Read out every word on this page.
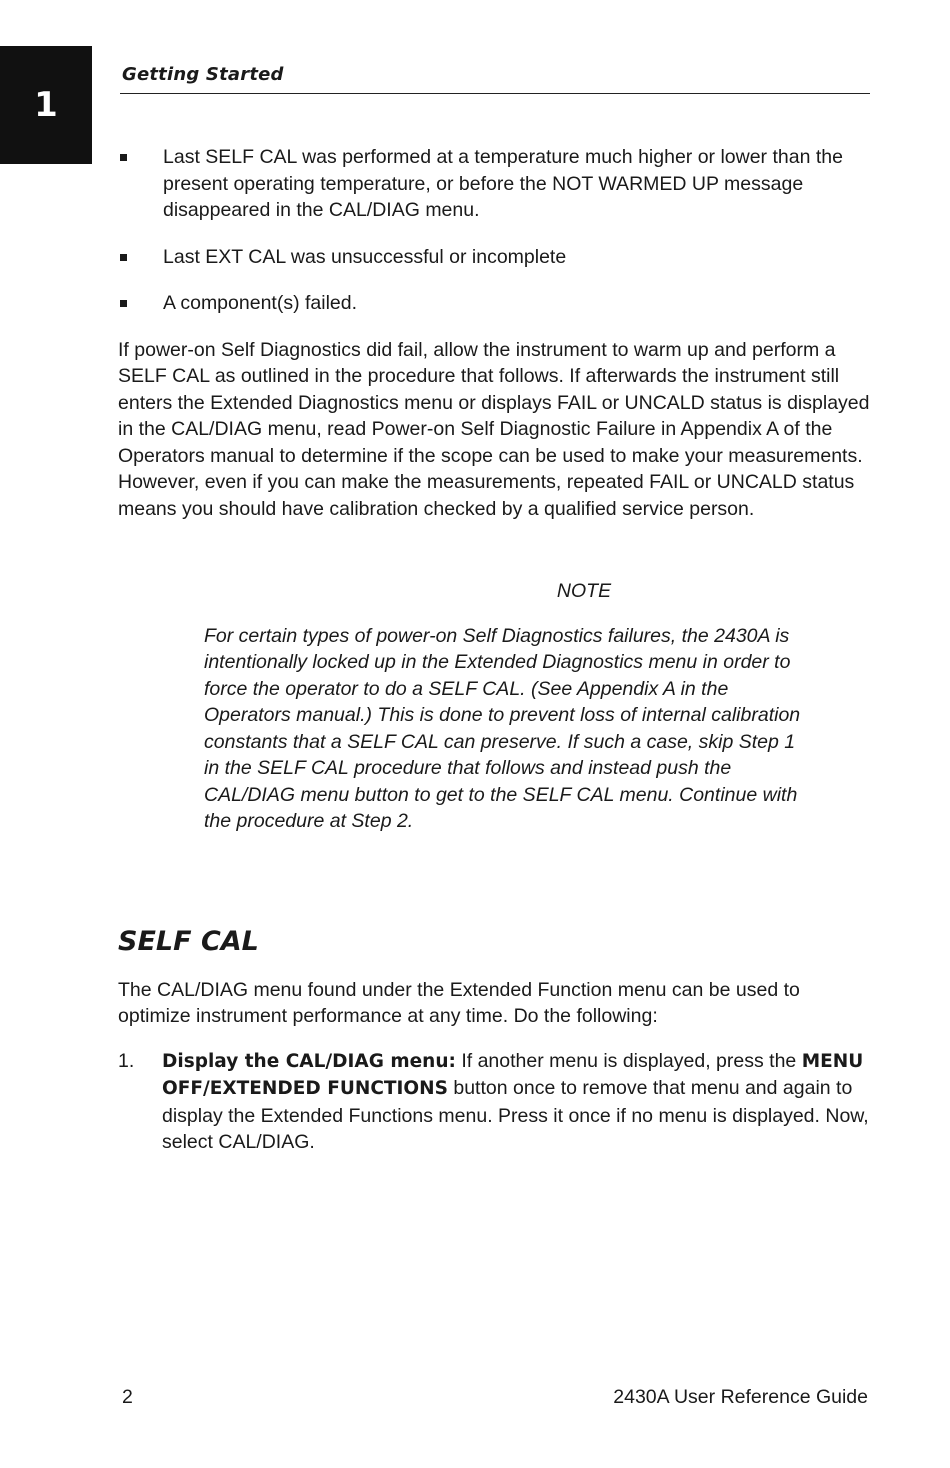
1
Getting Started
Last SELF CAL was performed at a temperature much higher or lower than the present operating temperature, or before the NOT WARMED UP message disappeared in the CAL/DIAG menu.
Last EXT CAL was unsuccessful or incomplete
A component(s) failed.

If power-on Self Diagnostics did fail, allow the instrument to warm up and perform a SELF CAL as outlined in the procedure that follows. If afterwards the instrument still enters the Extended Diagnostics menu or displays FAIL or UNCALD status is displayed in the CAL/DIAG menu, read Power-on Self Diagnostic Failure in Appendix A of the Operators manual to determine if the scope can be used to make your measurements. However, even if you can make the measurements, repeated FAIL or UNCALD status means you should have calibration checked by a qualified service person.

NOTE

For certain types of power-on Self Diagnostics failures, the 2430A is intentionally locked up in the Extended Diagnostics menu in order to force the operator to do a SELF CAL. (See Appendix A in the Operators manual.) This is done to prevent loss of internal calibration constants that a SELF CAL can preserve. If such a case, skip Step 1 in the SELF CAL procedure that follows and instead push the CAL/DIAG menu button to get to the SELF CAL menu. Continue with the procedure at Step 2.

SELF CAL

The CAL/DIAG menu found under the Extended Function menu can be used to optimize instrument performance at any time. Do the following:

1.	Display the CAL/DIAG menu: If another menu is displayed, press the MENU OFF/EXTENDED FUNCTIONS button once to remove that menu and again to display the Extended Functions menu. Press it once if no menu is displayed. Now, select CAL/DIAG.
2	2430A User Reference Guide
